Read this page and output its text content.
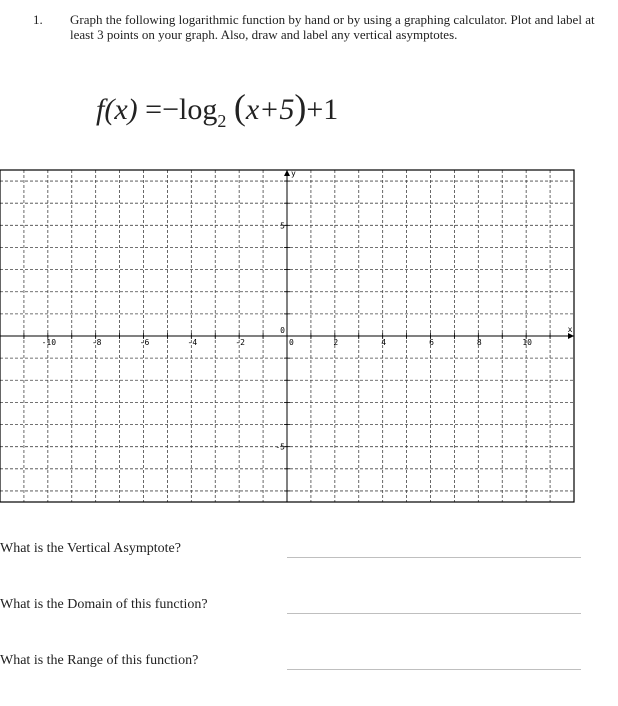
1. Graph the following logarithmic function by hand or by using a graphing calculator. Plot and label at least 3 points on your graph. Also, draw and label any vertical asymptotes.
$f(x) =-\log_2$ (x+5)+1
-10	-8	-6	-4	-2	0	2	4	6	8	10
5
0
-5
x
y
What is the Vertical Asymptote?
What is the Domain of this function?
What is the Range of this function?
